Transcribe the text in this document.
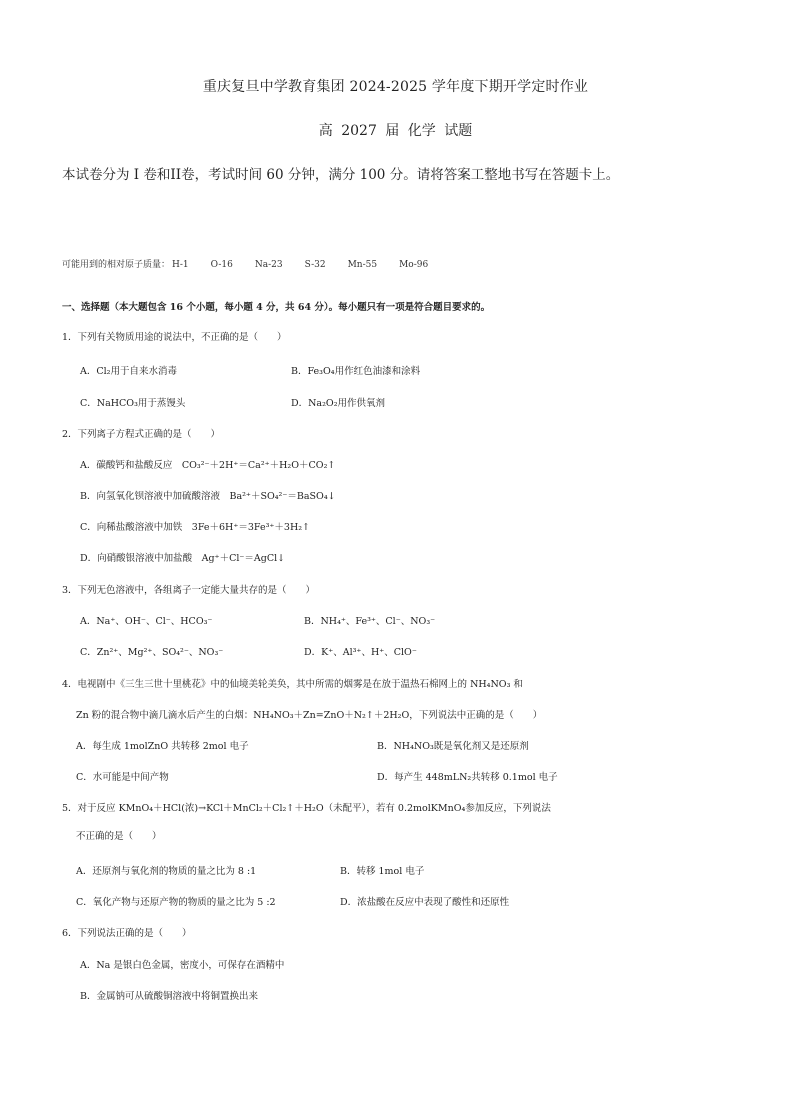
重庆复旦中学教育集团 2024-2025 学年度下期开学定时作业
高 2027 届 化学 试题
本试卷分为 I 卷和II卷，考试时间 60 分钟，满分 100 分。请将答案工整地书写在答题卡上。
可能用到的相对原子质量： H-1 O-16 Na-23 S-32 Mn-55 Mo-96
一、选择题（本大题包含 16 个小题，每小题 4 分，共 64 分）。每小题只有一项是符合题目要求的。
1．下列有关物质用途的说法中，不正确的是（　　）
A．Cl₂用于自来水消毒	B．Fe₃O₄用作红色油漆和涂料
C．NaHCO₃用于蒸馒头	D．Na₂O₂用作供氧剂
2．下列离子方程式正确的是（　　）
A．碳酸钙和盐酸反应　CO₃²⁻＋2H⁺＝Ca²⁺＋H₂O＋CO₂↑
B．向氢氧化钡溶液中加硫酸溶液　Ba²⁺＋SO₄²⁻＝BaSO₄↓
C．向稀盐酸溶液中加铁　3Fe＋6H⁺＝3Fe³⁺＋3H₂↑
D．向硝酸银溶液中加盐酸　Ag⁺＋Cl⁻＝AgCl↓
3．下列无色溶液中，各组离子一定能大量共存的是（　　）
A．Na⁺、OH⁻、Cl⁻、HCO₃⁻	B．NH₄⁺、Fe³⁺、Cl⁻、NO₃⁻
C．Zn²⁺、Mg²⁺、SO₄²⁻、NO₃⁻	D．K⁺、Al³⁺、H⁺、ClO⁻
4．电视剧中《三生三世十里桃花》中的仙境美轮美奂，其中所需的烟雾是在放于温热石棉网上的 NH₄NO₃ 和
Zn 粉的混合物中滴几滴水后产生的白烟：NH₄NO₃＋Zn=ZnO＋N₂↑＋2H₂O，下列说法中正确的是（　　）
A．每生成 1molZnO 共转移 2mol 电子	B．NH₄NO₃既是氧化剂又是还原剂
C．水可能是中间产物	D．每产生 448mLN₂共转移 0.1mol 电子
5．对于反应 KMnO₄＋HCl(浓)→KCl＋MnCl₂＋Cl₂↑＋H₂O（未配平），若有 0.2molKMnO₄参加反应，下列说法
不正确的是（　　）
A．还原剂与氧化剂的物质的量之比为 8 :1	B．转移 1mol 电子
C．氧化产物与还原产物的物质的量之比为 5 :2	D．浓盐酸在反应中表现了酸性和还原性
6．下列说法正确的是（　　）
A．Na 是银白色金属，密度小，可保存在酒精中
B．金属钠可从硫酸铜溶液中将铜置换出来
